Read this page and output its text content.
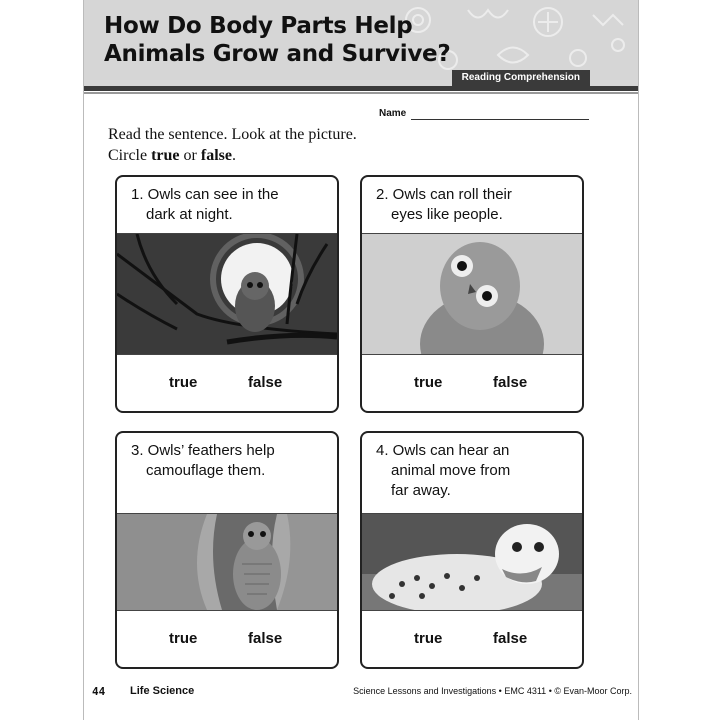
How Do Body Parts Help
Animals Grow and Survive?
Reading Comprehension
Name
Read the sentence. Look at the picture.
Circle true or false.
1. Owls can see in the
dark at night.
true	false
2. Owls can roll their
eyes like people.
true	false
3. Owls’ feathers help
camouflage them.
true	false
4. Owls can hear an
animal move from
far away.
true	false
44 Life Science	Science Lessons and Investigations • EMC 4311 • © Evan-Moor Corp.
